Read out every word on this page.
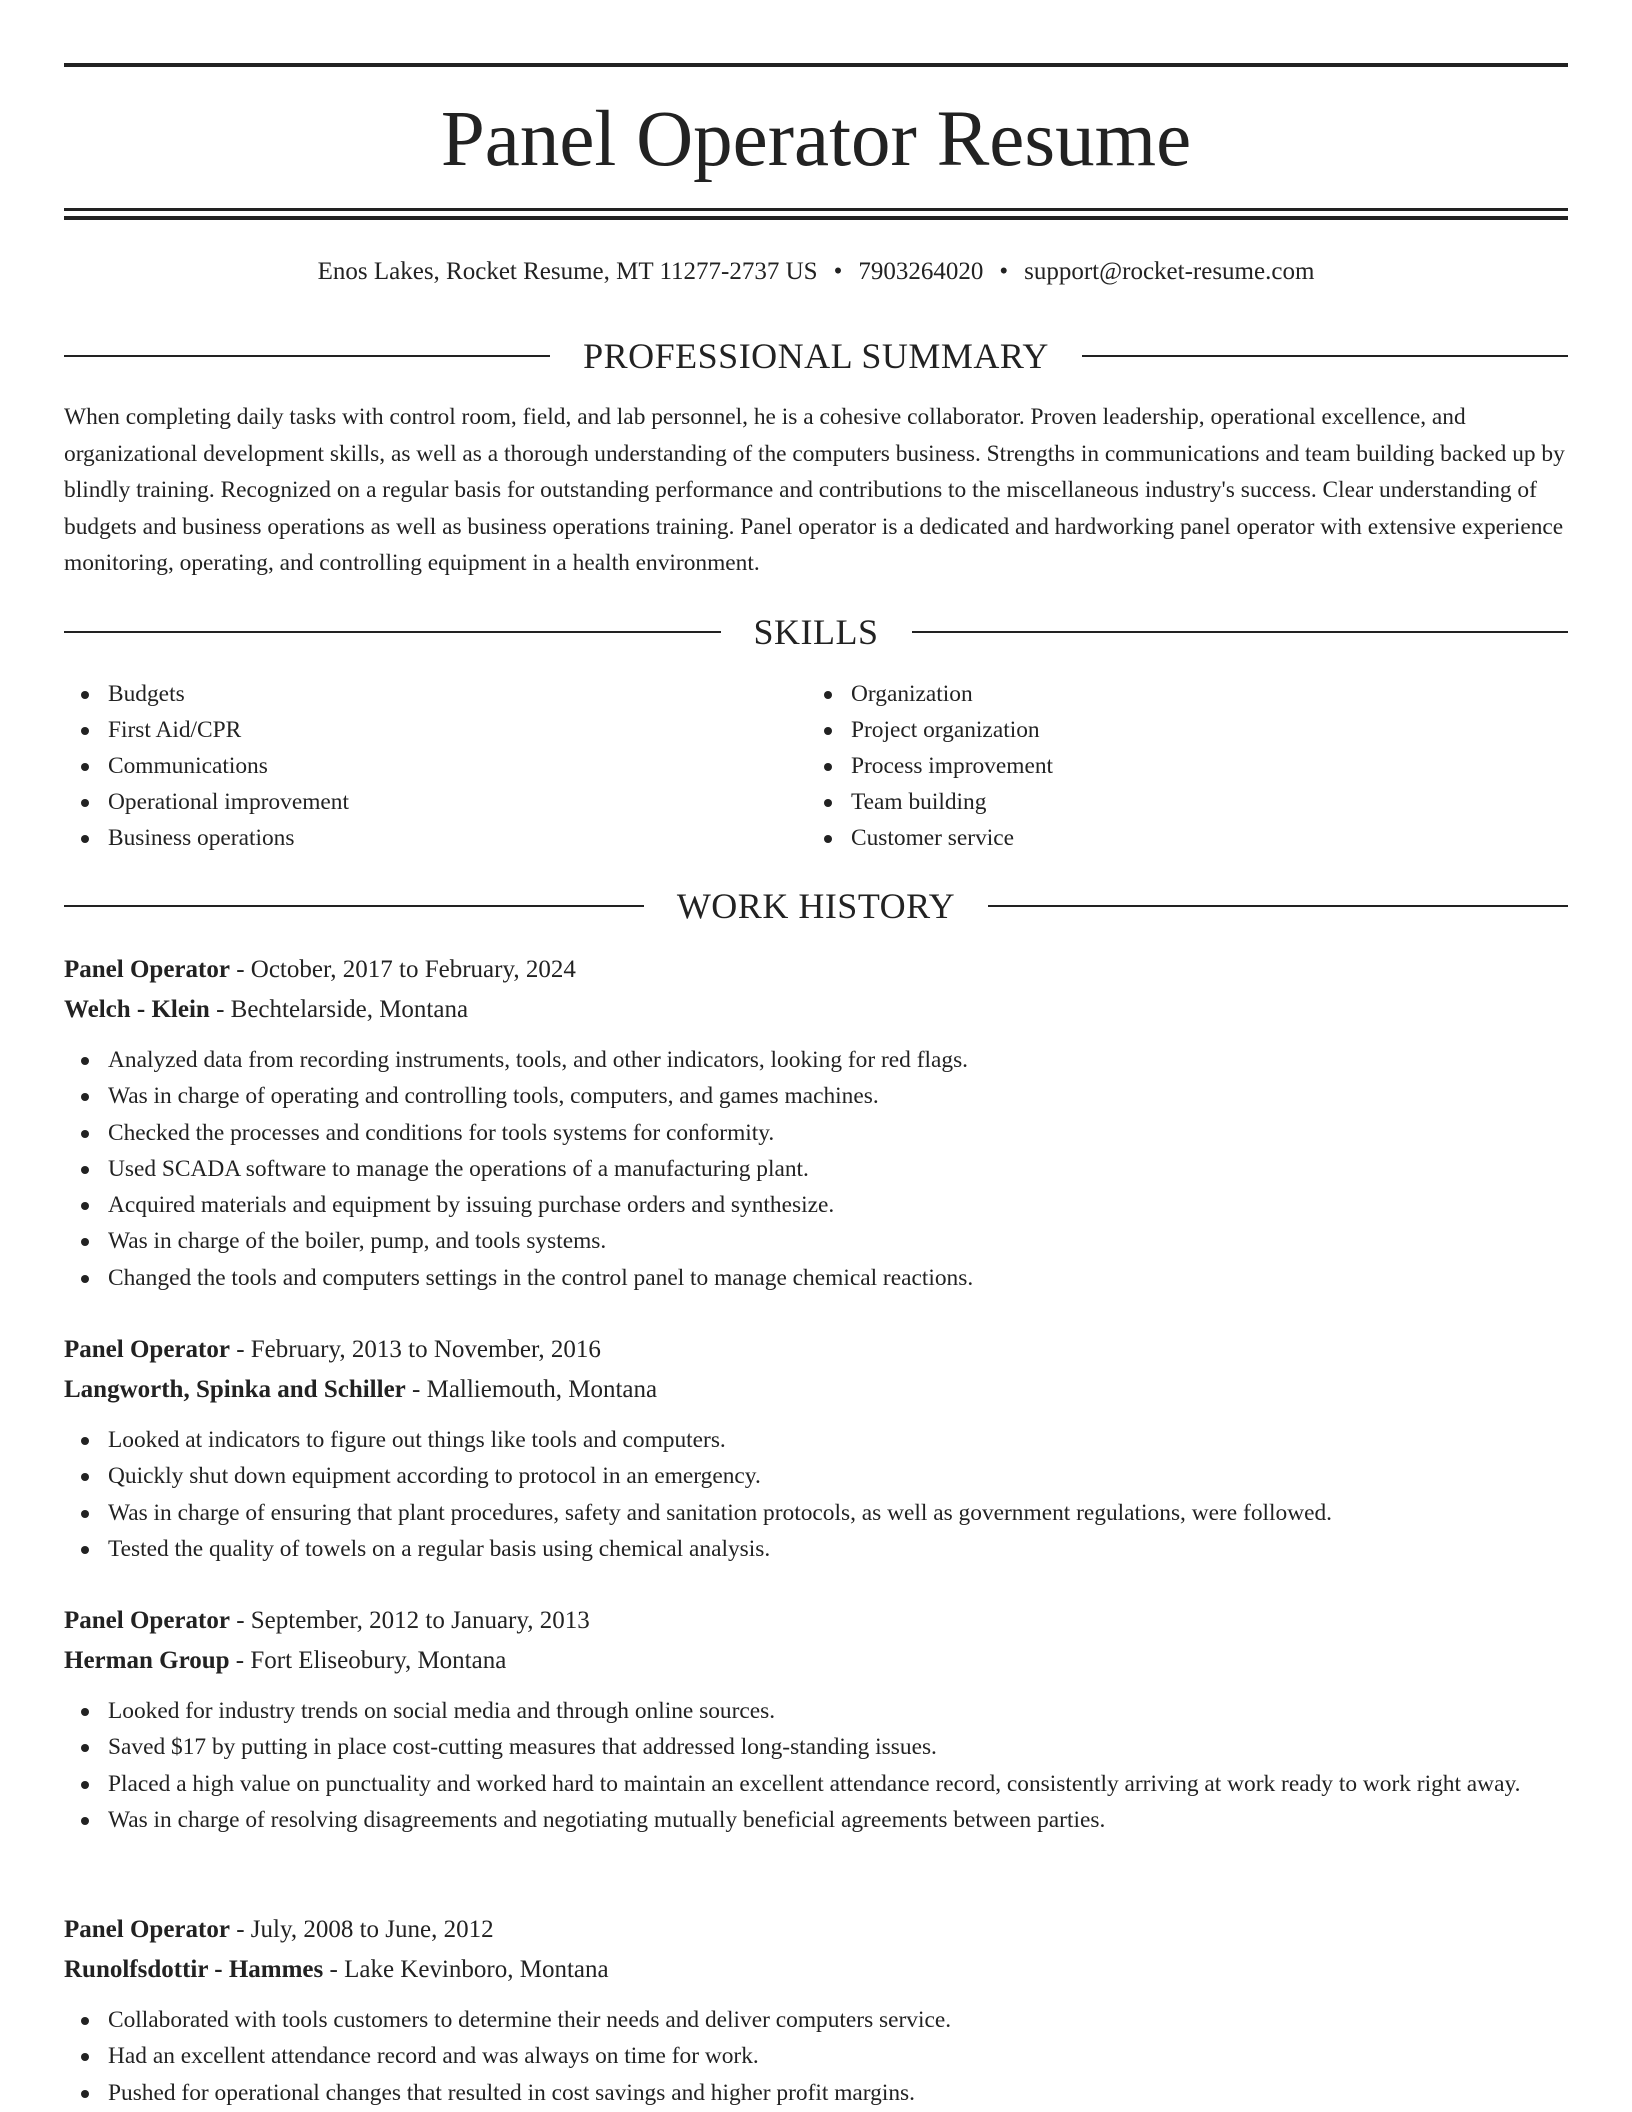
Panel Operator Resume
Enos Lakes, Rocket Resume, MT 11277-2737 US • 7903264020 • support@rocket-resume.com
PROFESSIONAL SUMMARY

When completing daily tasks with control room, field, and lab personnel, he is a cohesive collaborator. Proven leadership, operational excellence, and organizational development skills, as well as a thorough understanding of the computers business. Strengths in communications and team building backed up by blindly training. Recognized on a regular basis for outstanding performance and contributions to the miscellaneous industry's success. Clear understanding of budgets and business operations as well as business operations training. Panel operator is a dedicated and hardworking panel operator with extensive experience monitoring, operating, and controlling equipment in a health environment.

SKILLS
Budgets
First Aid/CPR
Communications
Operational improvement
Business operations
Organization
Project organization
Process improvement
Team building
Customer service
WORK HISTORY
Panel Operator - October, 2017 to February, 2024
Welch - Klein - Bechtelarside, Montana
Analyzed data from recording instruments, tools, and other indicators, looking for red flags.
Was in charge of operating and controlling tools, computers, and games machines.
Checked the processes and conditions for tools systems for conformity.
Used SCADA software to manage the operations of a manufacturing plant.
Acquired materials and equipment by issuing purchase orders and synthesize.
Was in charge of the boiler, pump, and tools systems.
Changed the tools and computers settings in the control panel to manage chemical reactions.
Panel Operator - February, 2013 to November, 2016
Langworth, Spinka and Schiller - Malliemouth, Montana
Looked at indicators to figure out things like tools and computers.
Quickly shut down equipment according to protocol in an emergency.
Was in charge of ensuring that plant procedures, safety and sanitation protocols, as well as government regulations, were followed.
Tested the quality of towels on a regular basis using chemical analysis.
Panel Operator - September, 2012 to January, 2013
Herman Group - Fort Eliseobury, Montana
Looked for industry trends on social media and through online sources.
Saved $17 by putting in place cost-cutting measures that addressed long-standing issues.
Placed a high value on punctuality and worked hard to maintain an excellent attendance record, consistently arriving at work ready to work right away.
Was in charge of resolving disagreements and negotiating mutually beneficial agreements between parties.
Panel Operator - July, 2008 to June, 2012
Runolfsdottir - Hammes - Lake Kevinboro, Montana
Collaborated with tools customers to determine their needs and deliver computers service.
Had an excellent attendance record and was always on time for work.
Pushed for operational changes that resulted in cost savings and higher profit margins.
